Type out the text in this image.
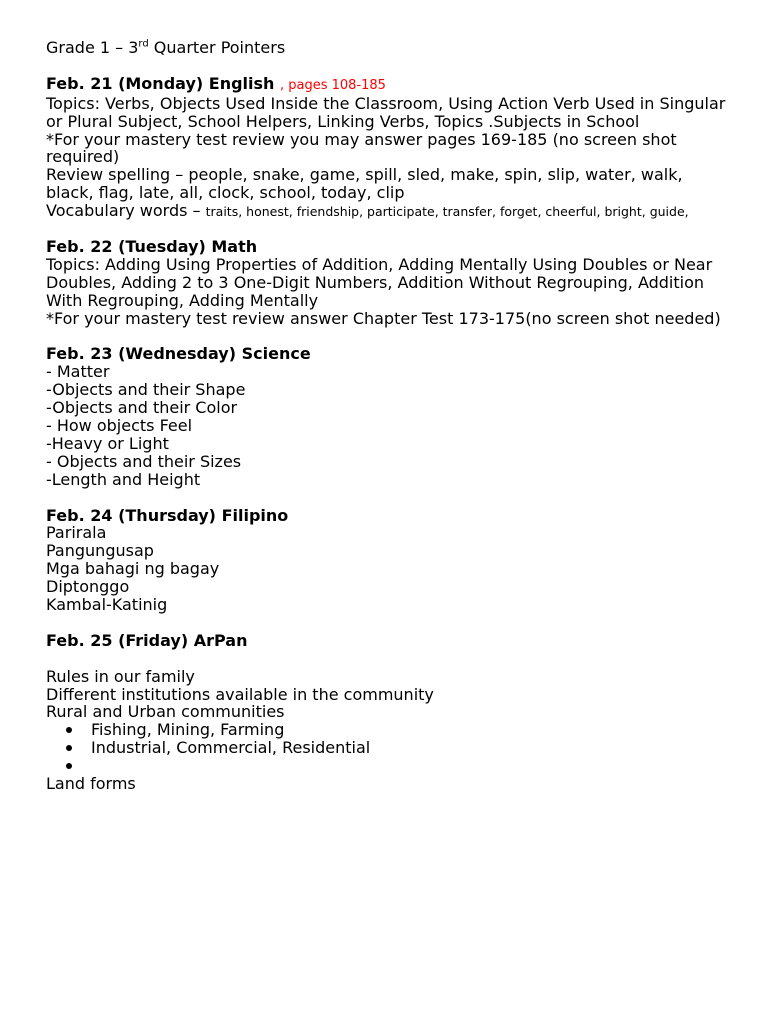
Grade 1 – 3rd Quarter Pointers
Feb. 21 (Monday) English , pages 108-185
Topics: Verbs, Objects Used Inside the Classroom, Using Action Verb Used in Singular or Plural Subject, School Helpers, Linking Verbs, Topics .Subjects in School
*For your mastery test review you may answer pages 169-185 (no screen shot required)
Review spelling – people, snake, game, spill, sled, make, spin, slip, water, walk, black, flag, late, all, clock, school, today, clip
Vocabulary words – traits, honest, friendship, participate, transfer, forget, cheerful, bright, guide,
Feb. 22 (Tuesday) Math
Topics: Adding Using Properties of Addition, Adding Mentally Using Doubles or Near Doubles, Adding 2 to 3 One-Digit Numbers, Addition Without Regrouping, Addition With Regrouping, Adding Mentally
*For your mastery test review answer Chapter Test 173-175(no screen shot needed)
Feb. 23 (Wednesday) Science
- Matter
-Objects and their Shape
-Objects and their Color
- How objects Feel
-Heavy or Light
- Objects and their Sizes
-Length and Height
Feb. 24 (Thursday) Filipino
Parirala
Pangungusap
Mga bahagi ng bagay
Diptonggo
Kambal-Katinig
Feb. 25 (Friday) ArPan
Rules in our family
Different institutions available in the community
Rural and Urban communities
Fishing, Mining, Farming
Industrial, Commercial, Residential
Land forms
